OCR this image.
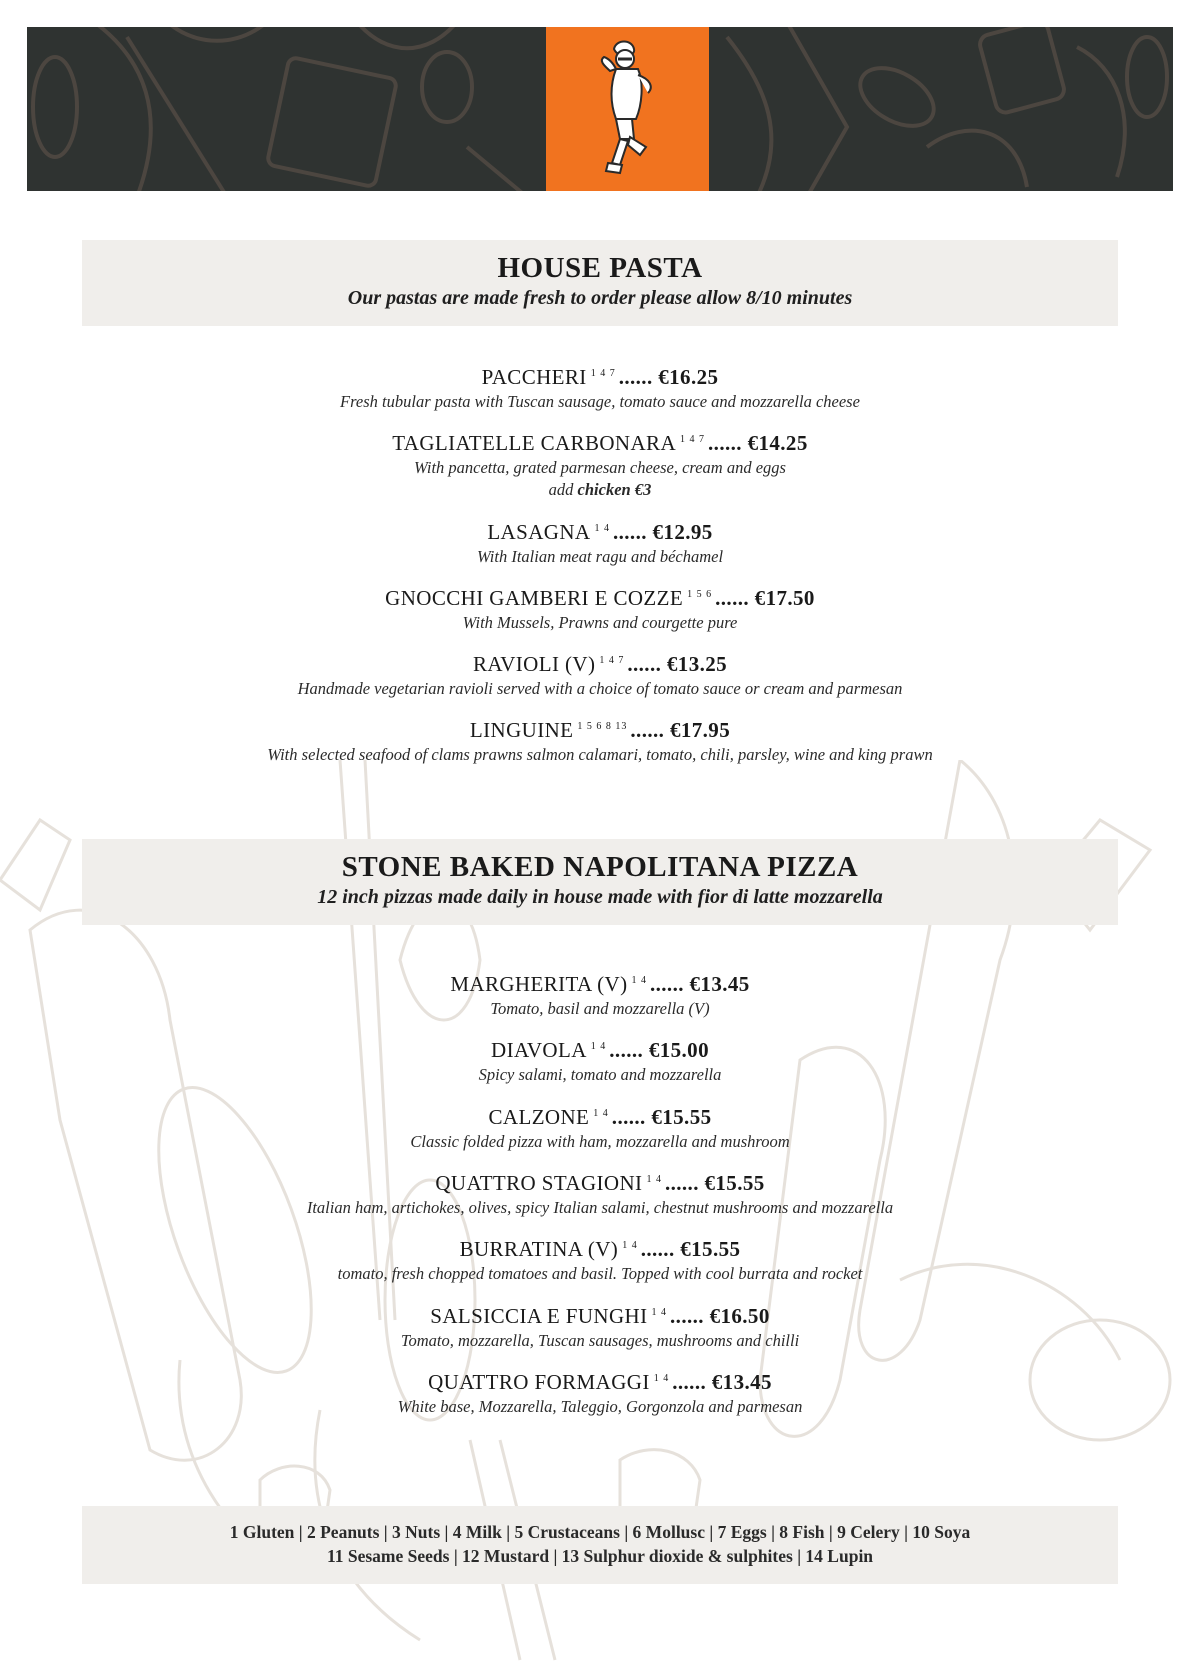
HOUSE PASTA
Our pastas are made fresh to order please allow 8/10 minutes
PACCHERI $^{1 4 7}$ ...... €16.25
Fresh tubular pasta with Tuscan sausage, tomato sauce and mozzarella cheese
TAGLIATELLE CARBONARA $^{1 4 7}$ ...... €14.25
With pancetta, grated parmesan cheese, cream and eggs
add chicken €3
LASAGNA $^{1 4}$ ...... €12.95
With Italian meat ragu and béchamel
GNOCCHI GAMBERI E COZZE $^{1 5 6}$ ...... €17.50
With Mussels, Prawns and courgette pure
RAVIOLI (V) $^{1 4 7}$ ...... €13.25
Handmade vegetarian ravioli served with a choice of tomato sauce or cream and parmesan
LINGUINE $^{1 5 6 8 13}$ ...... €17.95
With selected seafood of clams prawns salmon calamari, tomato, chili, parsley, wine and king prawn
STONE BAKED NAPOLITANA PIZZA
12 inch pizzas made daily in house made with fior di latte mozzarella
MARGHERITA (V) $^{1 4}$ ...... €13.45
Tomato, basil and mozzarella (V)
DIAVOLA $^{1 4}$ ...... €15.00
Spicy salami, tomato and mozzarella
CALZONE $^{1 4}$ ...... €15.55
Classic folded pizza with ham, mozzarella and mushroom
QUATTRO STAGIONI $^{1 4}$ ...... €15.55
Italian ham, artichokes, olives, spicy Italian salami, chestnut mushrooms and mozzarella
BURRATINA (V) $^{1 4}$ ...... €15.55
tomato, fresh chopped tomatoes and basil. Topped with cool burrata and rocket
SALSICCIA E FUNGHI $^{1 4}$ ...... €16.50
Tomato, mozzarella, Tuscan sausages, mushrooms and chilli
QUATTRO FORMAGGI $^{1 4}$ ...... €13.45
White base, Mozzarella, Taleggio, Gorgonzola and parmesan
1 Gluten | 2 Peanuts | 3 Nuts | 4 Milk | 5 Crustaceans | 6 Mollusc | 7 Eggs | 8 Fish | 9 Celery | 10 Soya
11 Sesame Seeds | 12 Mustard | 13 Sulphur dioxide & sulphites | 14 Lupin
